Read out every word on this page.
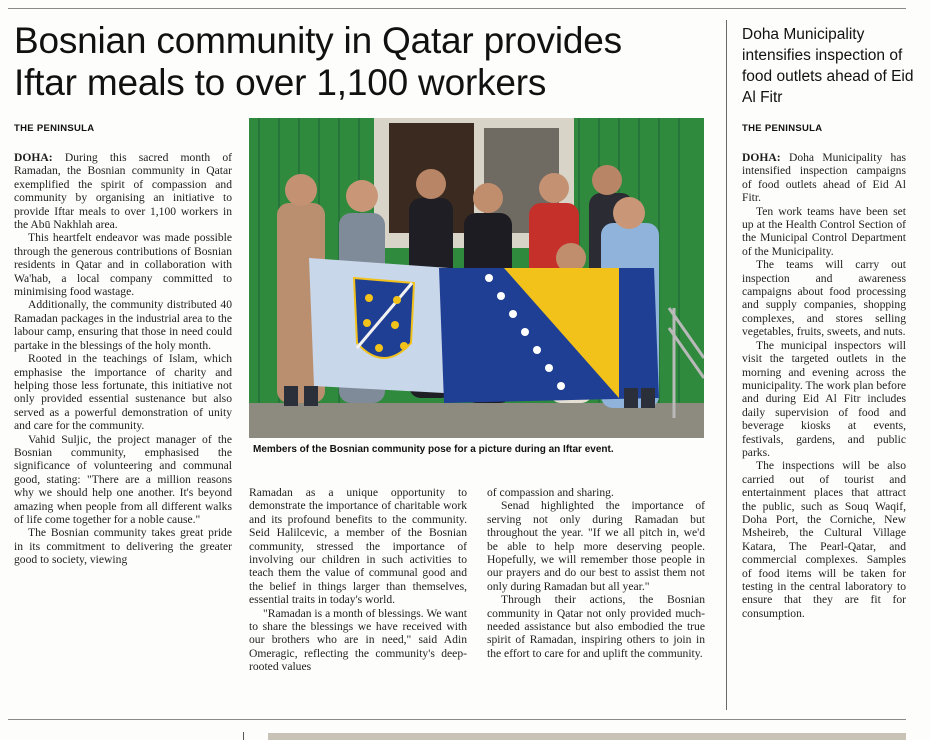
Bosnian community in Qatar provides
Iftar meals to over 1,100 workers
THE PENINSULA

DOHA: During this sacred month of Ramadan, the Bosnian community in Qatar exemplified the spirit of compassion and community by organising an initiative to provide Iftar meals to over 1,100 workers in the Abū Nakhlah area.

This heartfelt endeavor was made possible through the generous contributions of Bosnian residents in Qatar and in collaboration with Wa'hab, a local company committed to minimising food wastage.

Additionally, the community distributed 40 Ramadan packages in the industrial area to the labour camp, ensuring that those in need could partake in the blessings of the holy month.

Rooted in the teachings of Islam, which emphasise the importance of charity and helping those less fortunate, this initiative not only provided essential sustenance but also served as a powerful demonstration of unity and care for the community.

Vahid Suljic, the project manager of the Bosnian community, emphasised the significance of volunteering and communal good, stating: "There are a million reasons why we should help one another. It's beyond amazing when people from all different walks of life come together for a noble cause."

The Bosnian community takes great pride in its commitment to delivering the greater good to society, viewing

Members of the Bosnian community pose for a picture during an Iftar event.

Ramadan as a unique opportunity to demonstrate the importance of charitable work and its profound benefits to the community. Seid Halilcevic, a member of the Bosnian community, stressed the importance of involving our children in such activities to teach them the value of communal good and the belief in things larger than themselves, essential traits in today's world.

"Ramadan is a month of blessings. We want to share the blessings we have received with our brothers who are in need," said Adin Omeragic, reflecting the community's deep-rooted values

of compassion and sharing.

Senad highlighted the importance of serving not only during Ramadan but throughout the year. "If we all pitch in, we'd be able to help more deserving people. Hopefully, we will remember those people in our prayers and do our best to assist them not only during Ramadan but all year."

Through their actions, the Bosnian community in Qatar not only provided much-needed assistance but also embodied the true spirit of Ramadan, inspiring others to join in the effort to care for and uplift the community.

Doha Municipality intensifies inspection of food outlets ahead of Eid Al Fitr
THE PENINSULA

DOHA: Doha Municipality has intensified inspection campaigns of food outlets ahead of Eid Al Fitr.

Ten work teams have been set up at the Health Control Section of the Municipal Control Department of the Municipality.

The teams will carry out inspection and awareness campaigns about food processing and supply companies, shopping complexes, and stores selling vegetables, fruits, sweets, and nuts.

The municipal inspectors will visit the targeted outlets in the morning and evening across the municipality. The work plan before and during Eid Al Fitr includes daily supervision of food and beverage kiosks at events, festivals, gardens, and public parks.

The inspections will be also carried out of tourist and entertainment places that attract the public, such as Souq Waqif, Doha Port, the Corniche, New Msheireb, the Cultural Village Katara, The Pearl-Qatar, and commercial complexes. Samples of food items will be taken for testing in the central laboratory to ensure that they are fit for consumption.
